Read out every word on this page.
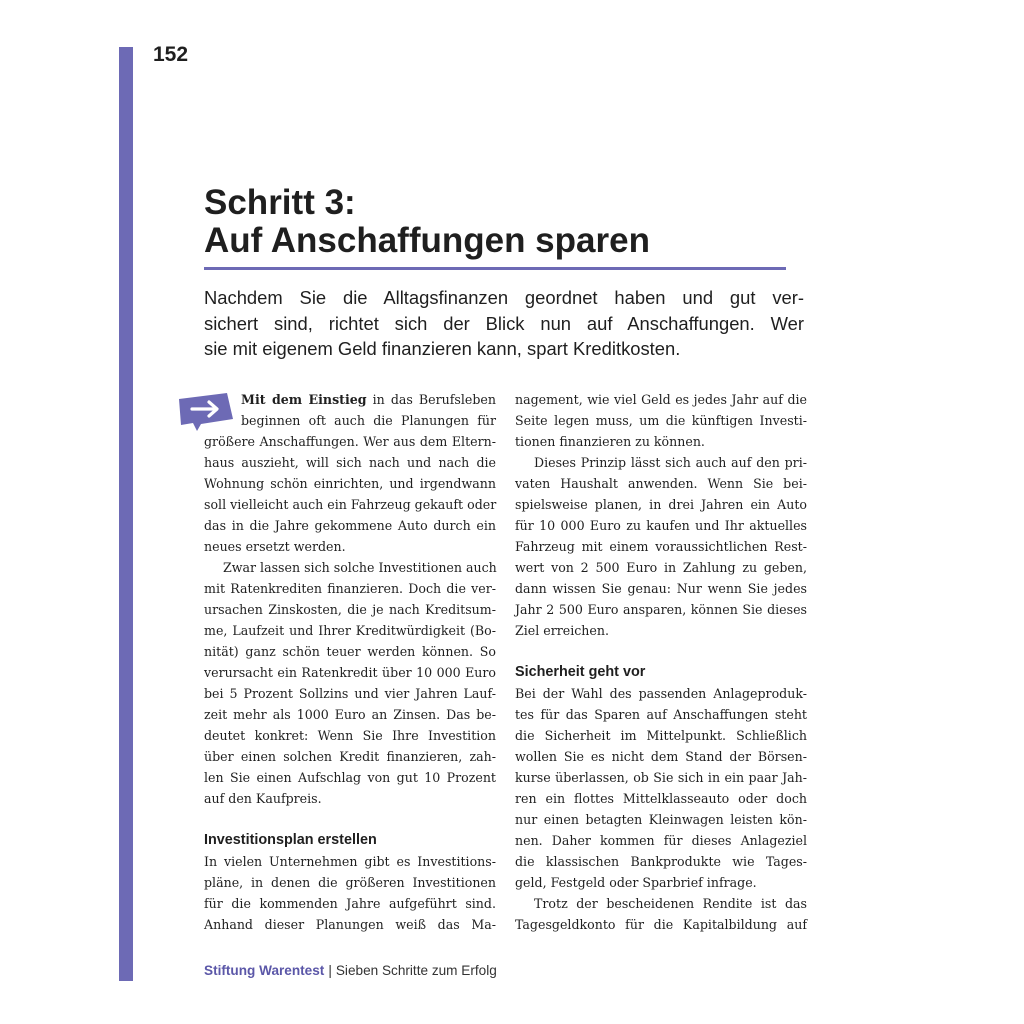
152
Schritt 3:
Auf Anschaffungen sparen

Nachdem Sie die Alltagsfinanzen geordnet haben und gut ver-
sichert sind, richtet sich der Blick nun auf Anschaffungen. Wer
sie mit eigenem Geld finanzieren kann, spart Kreditkosten.

Mit dem Einstieg in das Berufsleben
beginnen oft auch die Planungen für
größere Anschaffungen. Wer aus dem Eltern-
haus auszieht, will sich nach und nach die
Wohnung schön einrichten, und irgendwann
soll vielleicht auch ein Fahrzeug gekauft oder
das in die Jahre gekommene Auto durch ein
neues ersetzt werden.
Zwar lassen sich solche Investitionen auch
mit Ratenkrediten finanzieren. Doch die ver-
ursachen Zinskosten, die je nach Kreditsum-
me, Laufzeit und Ihrer Kreditwürdigkeit (Bo-
nität) ganz schön teuer werden können. So
verursacht ein Ratenkredit über 10 000 Euro
bei 5 Prozent Sollzins und vier Jahren Lauf-
zeit mehr als 1000 Euro an Zinsen. Das be-
deutet konkret: Wenn Sie Ihre Investition
über einen solchen Kredit finanzieren, zah-
len Sie einen Aufschlag von gut 10 Prozent
auf den Kaufpreis.
Investitionsplan erstellen
In vielen Unternehmen gibt es Investitions-
pläne, in denen die größeren Investitionen
für die kommenden Jahre aufgeführt sind.
Anhand dieser Planungen weiß das Ma-
nagement, wie viel Geld es jedes Jahr auf die
Seite legen muss, um die künftigen Investi-
tionen finanzieren zu können.
Dieses Prinzip lässt sich auch auf den pri-
vaten Haushalt anwenden. Wenn Sie bei-
spielsweise planen, in drei Jahren ein Auto
für 10 000 Euro zu kaufen und Ihr aktuelles
Fahrzeug mit einem voraussichtlichen Rest-
wert von 2 500 Euro in Zahlung zu geben,
dann wissen Sie genau: Nur wenn Sie jedes
Jahr 2 500 Euro ansparen, können Sie dieses
Ziel erreichen.
Sicherheit geht vor
Bei der Wahl des passenden Anlageproduk-
tes für das Sparen auf Anschaffungen steht
die Sicherheit im Mittelpunkt. Schließlich
wollen Sie es nicht dem Stand der Börsen-
kurse überlassen, ob Sie sich in ein paar Jah-
ren ein flottes Mittelklasseauto oder doch
nur einen betagten Kleinwagen leisten kön-
nen. Daher kommen für dieses Anlageziel
die klassischen Bankprodukte wie Tages-
geld, Festgeld oder Sparbrief infrage.
Trotz der bescheidenen Rendite ist das
Tagesgeldkonto für die Kapitalbildung auf
Stiftung Warentest | Sieben Schritte zum Erfolg
